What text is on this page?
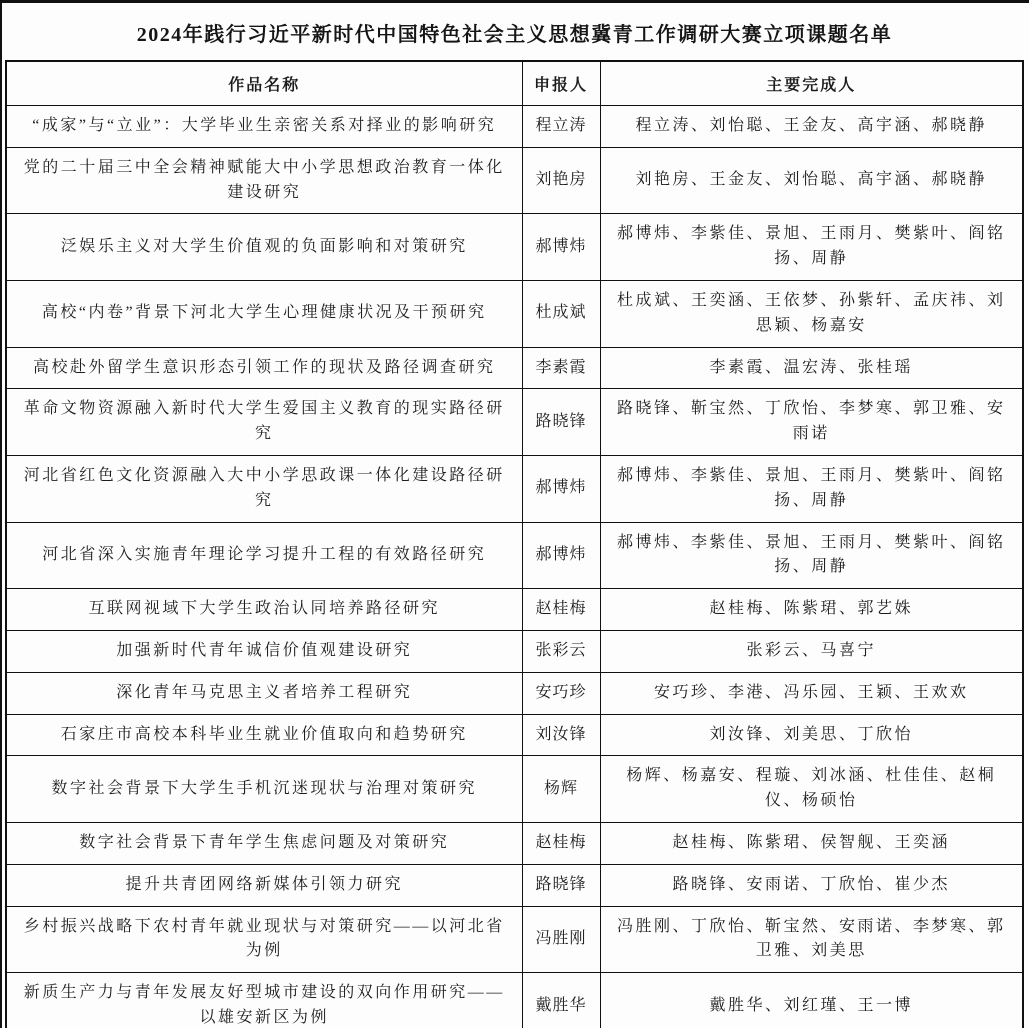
2024年践行习近平新时代中国特色社会主义思想冀青工作调研大赛立项课题名单
作品名称	申报人	主要完成人
“成家”与“立业”：大学毕业生亲密关系对择业的影响研究	程立涛	程立涛、刘怡聪、王金友、高宇涵、郝晓静
党的二十届三中全会精神赋能大中小学思想政治教育一体化建设研究	刘艳房	刘艳房、王金友、刘怡聪、高宇涵、郝晓静
泛娱乐主义对大学生价值观的负面影响和对策研究	郝博炜	郝博炜、李紫佳、景旭、王雨月、樊紫叶、阎铭扬、周静
高校“内卷”背景下河北大学生心理健康状况及干预研究	杜成斌	杜成斌、王奕涵、王依梦、孙紫轩、孟庆祎、刘思颖、杨嘉安
高校赴外留学生意识形态引领工作的现状及路径调查研究	李素霞	李素霞、温宏涛、张桂瑶
革命文物资源融入新时代大学生爱国主义教育的现实路径研究	路晓锋	路晓锋、靳宝然、丁欣怡、李梦寒、郭卫雅、安雨诺
河北省红色文化资源融入大中小学思政课一体化建设路径研究	郝博炜	郝博炜、李紫佳、景旭、王雨月、樊紫叶、阎铭扬、周静
河北省深入实施青年理论学习提升工程的有效路径研究	郝博炜	郝博炜、李紫佳、景旭、王雨月、樊紫叶、阎铭扬、周静
互联网视域下大学生政治认同培养路径研究	赵桂梅	赵桂梅、陈紫珺、郭艺姝
加强新时代青年诚信价值观建设研究	张彩云	张彩云、马喜宁
深化青年马克思主义者培养工程研究	安巧珍	安巧珍、李港、冯乐园、王颖、王欢欢
石家庄市高校本科毕业生就业价值取向和趋势研究	刘汝锋	刘汝锋、刘美思、丁欣怡
数字社会背景下大学生手机沉迷现状与治理对策研究	杨辉	杨辉、杨嘉安、程璇、刘冰涵、杜佳佳、赵桐仪、杨硕怡
数字社会背景下青年学生焦虑问题及对策研究	赵桂梅	赵桂梅、陈紫珺、侯智舰、王奕涵
提升共青团网络新媒体引领力研究	路晓锋	路晓锋、安雨诺、丁欣怡、崔少杰
乡村振兴战略下农村青年就业现状与对策研究——以河北省为例	冯胜刚	冯胜刚、丁欣怡、靳宝然、安雨诺、李梦寒、郭卫雅、刘美思
新质生产力与青年发展友好型城市建设的双向作用研究——以雄安新区为例	戴胜华	戴胜华、刘红瑾、王一博
